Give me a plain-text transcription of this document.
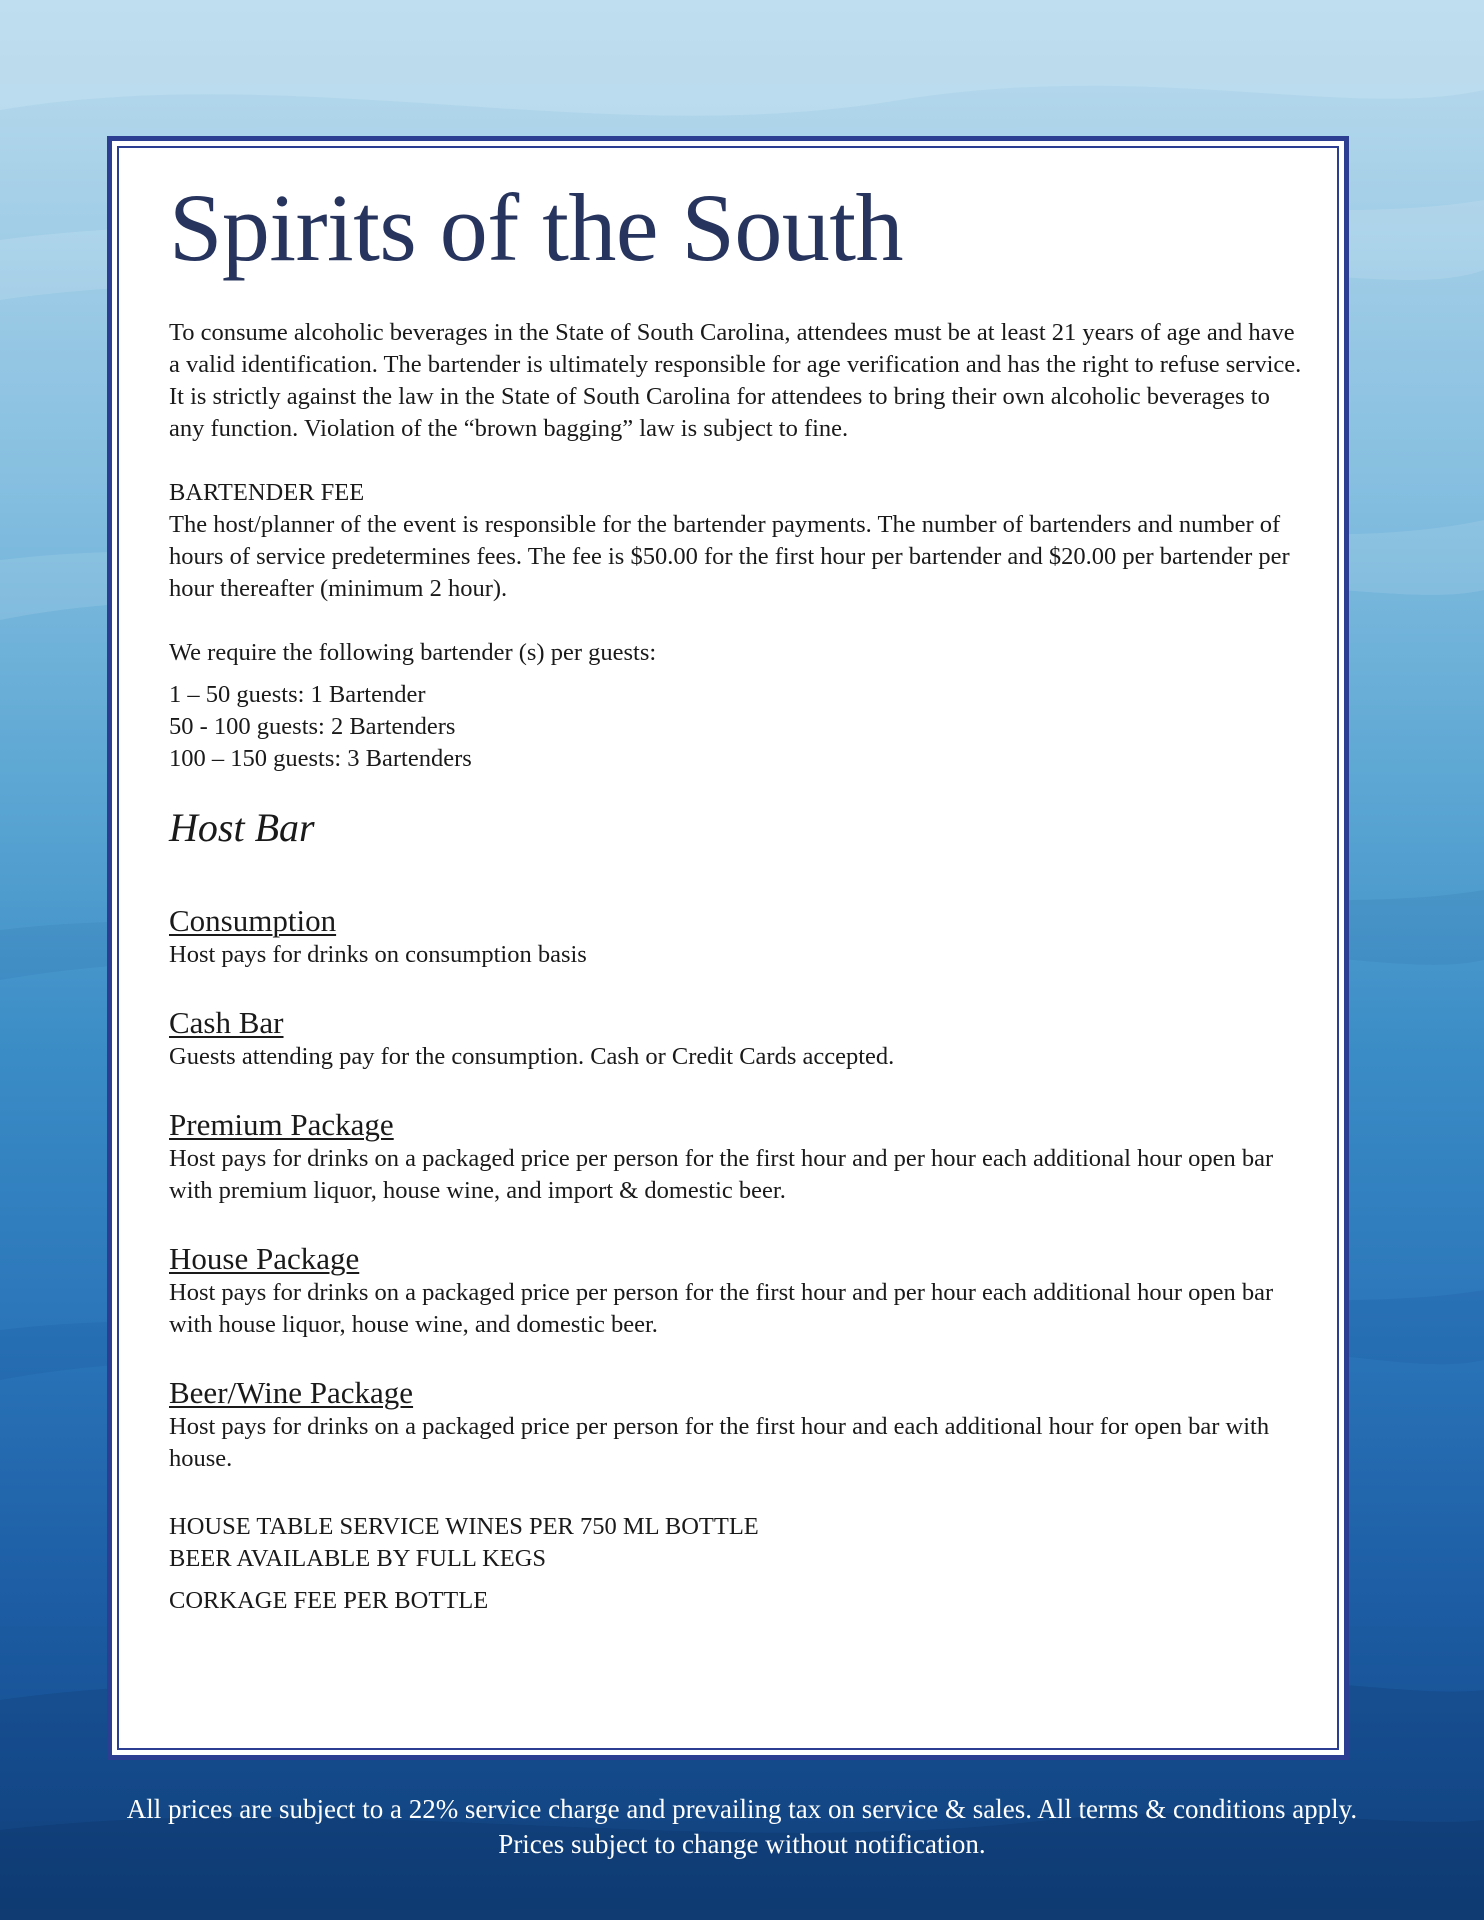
Spirits of the South

To consume alcoholic beverages in the State of South Carolina, attendees must be at least 21 years of age and have a valid identification. The bartender is ultimately responsible for age verification and has the right to refuse service. It is strictly against the law in the State of South Carolina for attendees to bring their own alcoholic beverages to any function. Violation of the “brown bagging” law is subject to fine.

BARTENDER FEE

The host/planner of the event is responsible for the bartender payments. The number of bartenders and number of hours of service predetermines fees. The fee is $50.00 for the first hour per bartender and $20.00 per bartender per hour thereafter (minimum 2 hour).

We require the following bartender (s) per guests:

1 – 50 guests: 1 Bartender

50 - 100 guests: 2 Bartenders

100 – 150 guests: 3 Bartenders

Host Bar
Consumption

Host pays for drinks on consumption basis

Cash Bar

Guests attending pay for the consumption. Cash or Credit Cards accepted.

Premium Package

Host pays for drinks on a packaged price per person for the first hour and per hour each additional hour open bar with premium liquor, house wine, and import & domestic beer.

House Package

Host pays for drinks on a packaged price per person for the first hour and per hour each additional hour open bar with house liquor, house wine, and domestic beer.

Beer/Wine Package

Host pays for drinks on a packaged price per person for the first hour and each additional hour for open bar with house.

HOUSE TABLE SERVICE WINES PER 750 ML BOTTLE

BEER AVAILABLE BY FULL KEGS

CORKAGE FEE PER BOTTLE

All prices are subject to a 22% service charge and prevailing tax on service & sales. All terms & conditions apply.

Prices subject to change without notification.
